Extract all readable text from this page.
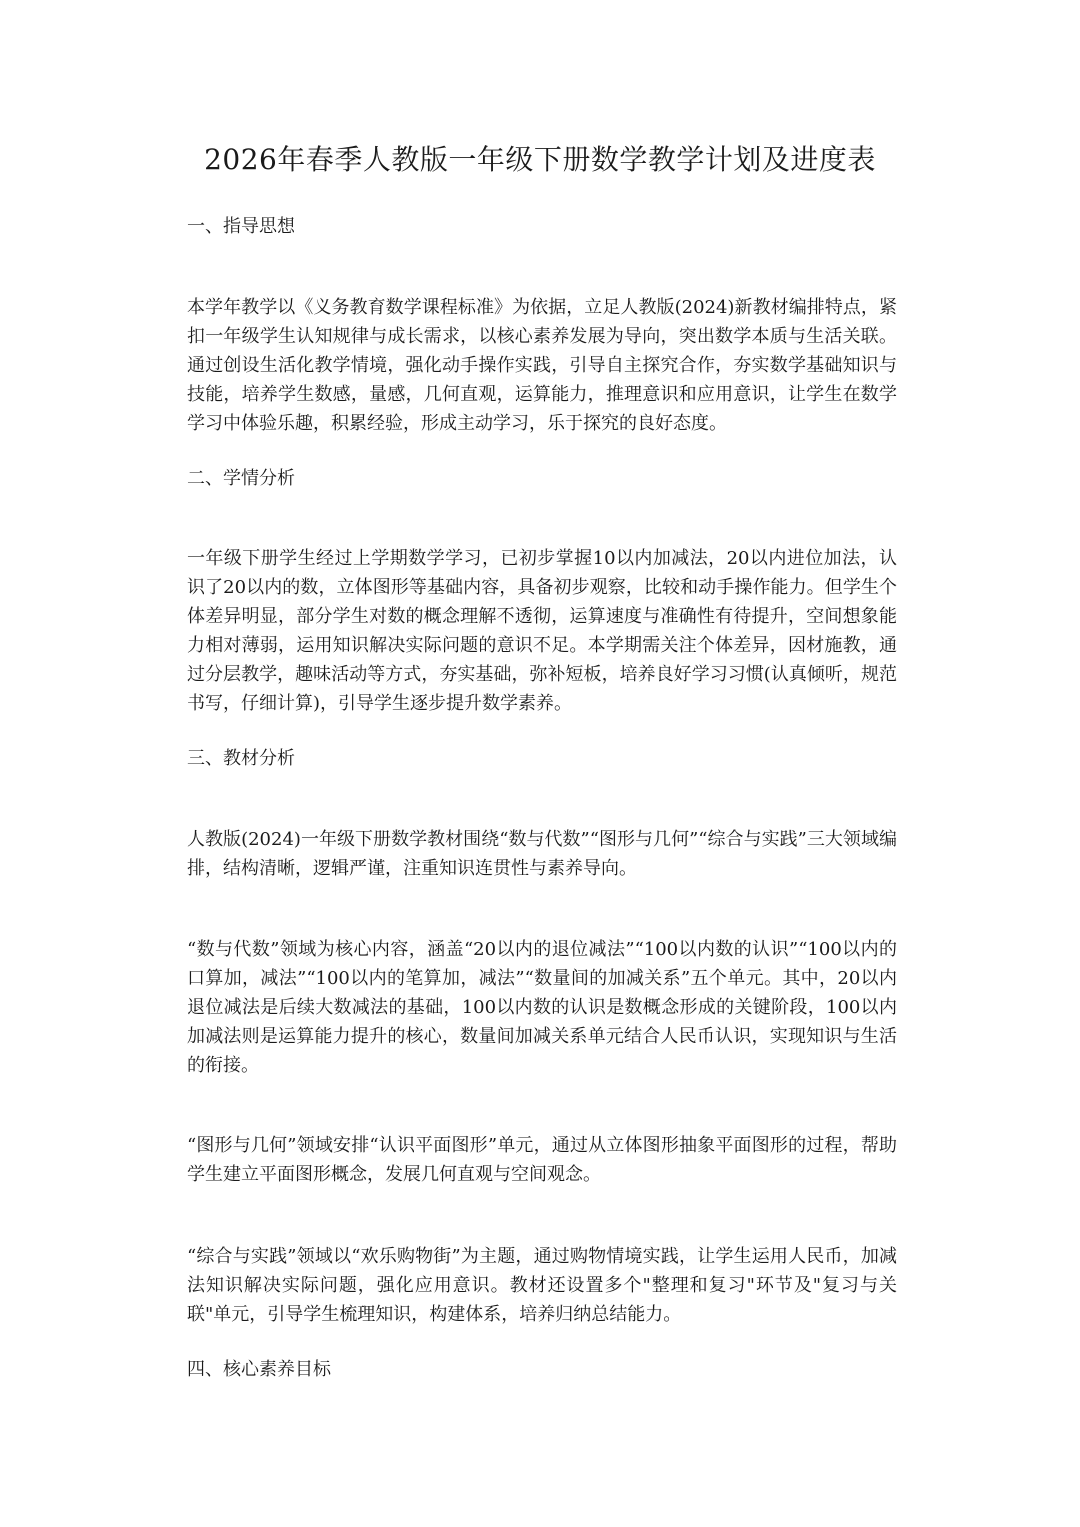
2026年春季人教版一年级下册数学教学计划及进度表
一、指导思想

本学年教学以《义务教育数学课程标准》为依据，立足人教版(2024)新教材编排特点，紧扣一年级学生认知规律与成长需求，以核心素养发展为导向，突出数学本质与生活关联。通过创设生活化教学情境，强化动手操作实践，引导自主探究合作，夯实数学基础知识与技能，培养学生数感，量感，几何直观，运算能力，推理意识和应用意识，让学生在数学学习中体验乐趣，积累经验，形成主动学习，乐于探究的良好态度。

二、学情分析

一年级下册学生经过上学期数学学习，已初步掌握10以内加减法，20以内进位加法，认识了20以内的数，立体图形等基础内容，具备初步观察，比较和动手操作能力。但学生个体差异明显，部分学生对数的概念理解不透彻，运算速度与准确性有待提升，空间想象能力相对薄弱，运用知识解决实际问题的意识不足。本学期需关注个体差异，因材施教，通过分层教学，趣味活动等方式，夯实基础，弥补短板，培养良好学习习惯(认真倾听，规范书写，仔细计算)，引导学生逐步提升数学素养。

三、教材分析

人教版(2024)一年级下册数学教材围绕“数与代数”“图形与几何”“综合与实践”三大领域编排，结构清晰，逻辑严谨，注重知识连贯性与素养导向。

“数与代数”领域为核心内容，涵盖“20以内的退位减法”“100以内数的认识”“100以内的口算加，减法”“100以内的笔算加，减法”“数量间的加减关系”五个单元。其中，20以内退位减法是后续大数减法的基础，100以内数的认识是数概念形成的关键阶段，100以内加减法则是运算能力提升的核心，数量间加减关系单元结合人民币认识，实现知识与生活的衔接。

“图形与几何”领域安排“认识平面图形”单元，通过从立体图形抽象平面图形的过程，帮助学生建立平面图形概念，发展几何直观与空间观念。

“综合与实践”领域以“欢乐购物街”为主题，通过购物情境实践，让学生运用人民币，加减法知识解决实际问题，强化应用意识。教材还设置多个"整理和复习"环节及"复习与关联"单元，引导学生梳理知识，构建体系，培养归纳总结能力。

四、核心素养目标
